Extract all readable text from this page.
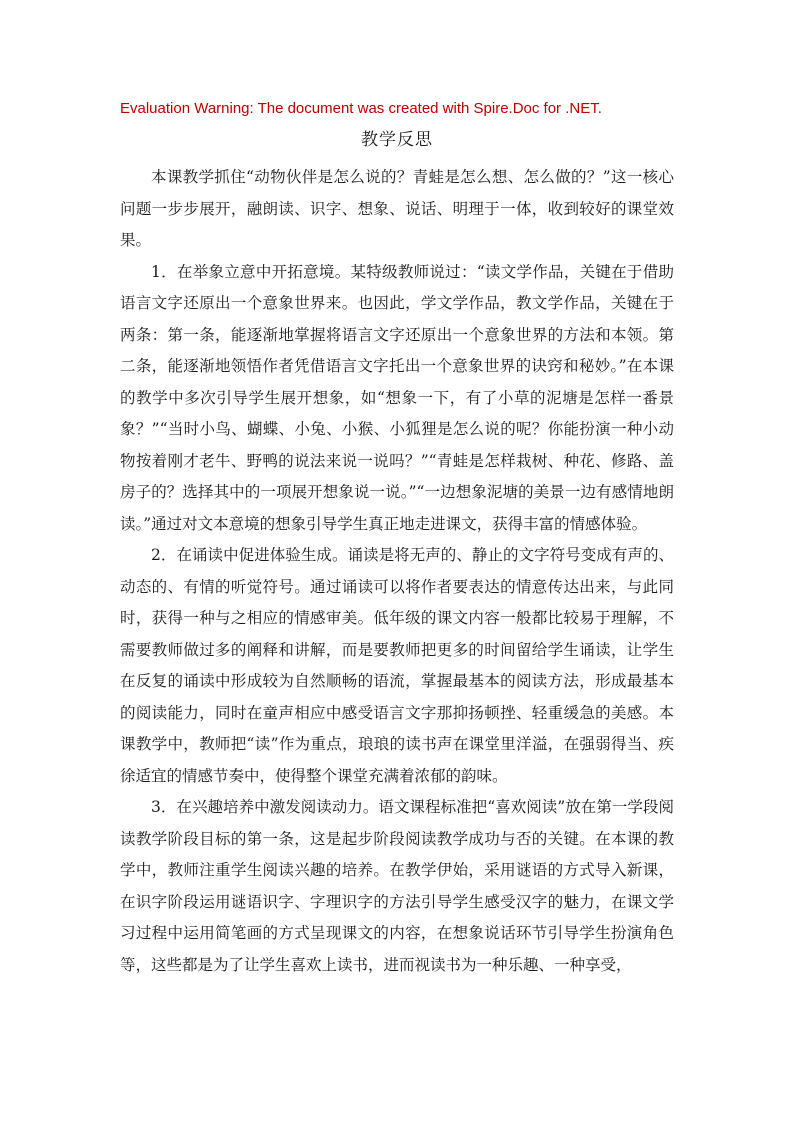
Evaluation Warning: The document was created with Spire.Doc for .NET.
教学反思

本课教学抓住“动物伙伴是怎么说的？青蛙是怎么想、怎么做的？”这一核心问题一步步展开，融朗读、识字、想象、说话、明理于一体，收到较好的课堂效果。

1．在举象立意中开拓意境。某特级教师说过：“读文学作品，关键在于借助语言文字还原出一个意象世界来。也因此，学文学作品，教文学作品，关键在于两条：第一条，能逐渐地掌握将语言文字还原出一个意象世界的方法和本领。第二条，能逐渐地领悟作者凭借语言文字托出一个意象世界的诀窍和秘妙。”在本课的教学中多次引导学生展开想象，如“想象一下，有了小草的泥塘是怎样一番景象？”“当时小鸟、蝴蝶、小兔、小猴、小狐狸是怎么说的呢？你能扮演一种小动物按着刚才老牛、野鸭的说法来说一说吗？”“青蛙是怎样栽树、种花、修路、盖房子的？选择其中的一项展开想象说一说。”“一边想象泥塘的美景一边有感情地朗读。”通过对文本意境的想象引导学生真正地走进课文，获得丰富的情感体验。

2．在诵读中促进体验生成。诵读是将无声的、静止的文字符号变成有声的、动态的、有情的听觉符号。通过诵读可以将作者要表达的情意传达出来，与此同时，获得一种与之相应的情感审美。低年级的课文内容一般都比较易于理解，不需要教师做过多的阐释和讲解，而是要教师把更多的时间留给学生诵读，让学生在反复的诵读中形成较为自然顺畅的语流，掌握最基本的阅读方法，形成最基本的阅读能力，同时在童声相应中感受语言文字那抑扬顿挫、轻重缓急的美感。本课教学中，教师把“读”作为重点，琅琅的读书声在课堂里洋溢，在强弱得当、疾徐适宜的情感节奏中，使得整个课堂充满着浓郁的韵味。

3．在兴趣培养中激发阅读动力。语文课程标准把“喜欢阅读”放在第一学段阅读教学阶段目标的第一条，这是起步阶段阅读教学成功与否的关键。在本课的教学中，教师注重学生阅读兴趣的培养。在教学伊始，采用谜语的方式导入新课，在识字阶段运用谜语识字、字理识字的方法引导学生感受汉字的魅力，在课文学习过程中运用简笔画的方式呈现课文的内容，在想象说话环节引导学生扮演角色等，这些都是为了让学生喜欢上读书，进而视读书为一种乐趣、一种享受，
